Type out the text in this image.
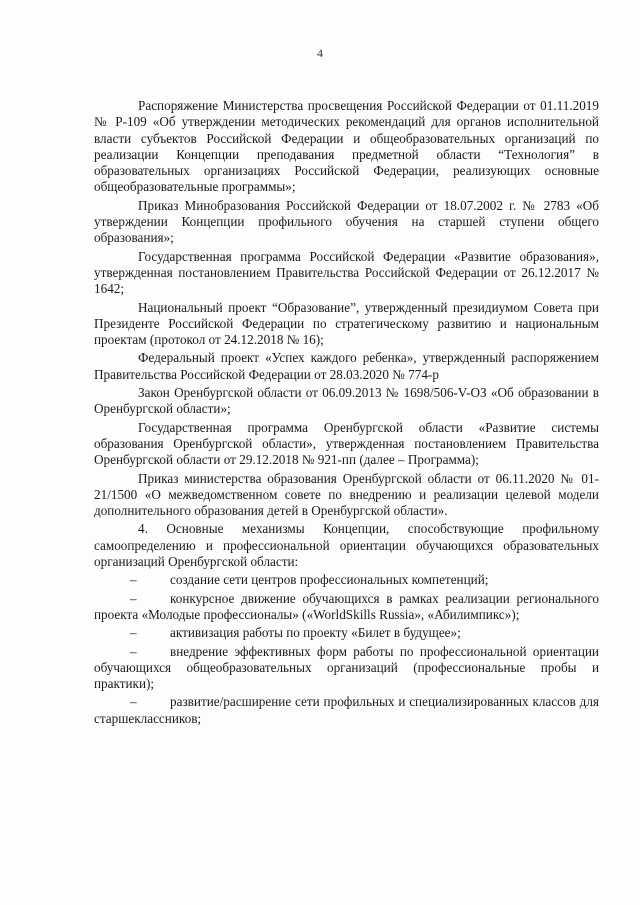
4

Распоряжение Министерства просвещения Российской Федерации от 01.11.2019 № Р-109 «Об утверждении методических рекомендаций для органов исполнительной власти субъектов Российской Федерации и общеобразовательных организаций по реализации Концепции преподавания предметной области “Технология” в образовательных организациях Российской Федерации, реализующих основные общеобразовательные программы»;

Приказ Минобразования Российской Федерации от 18.07.2002 г. № 2783 «Об утверждении Концепции профильного обучения на старшей ступени общего образования»;

Государственная программа Российской Федерации «Развитие образования», утвержденная постановлением Правительства Российской Федерации от 26.12.2017 № 1642;

Национальный проект “Образование”, утвержденный президиумом Совета при Президенте Российской Федерации по стратегическому развитию и национальным проектам (протокол от 24.12.2018 № 16);

Федеральный проект «Успех каждого ребенка», утвержденный распоряжением Правительства Российской Федерации от 28.03.2020 № 774-р

Закон Оренбургской области от 06.09.2013 № 1698/506-V-ОЗ «Об образовании в Оренбургской области»;

Государственная программа Оренбургской области «Развитие системы образования Оренбургской области», утвержденная постановлением Правительства Оренбургской области от 29.12.2018 № 921-пп (далее – Программа);

Приказ министерства образования Оренбургской области от 06.11.2020 № 01-21/1500 «О межведомственном совете по внедрению и реализации целевой модели дополнительного образования детей в Оренбургской области».

4. Основные механизмы Концепции, способствующие профильному самоопределению и профессиональной ориентации обучающихся образовательных организаций Оренбургской области:

–	создание сети центров профессиональных компетенций;

–	конкурсное движение обучающихся в рамках реализации регионального проекта «Молодые профессионалы» («WorldSkills Russia», «Абилимпикс»);

–	активизация работы по проекту «Билет в будущее»;

–	внедрение эффективных форм работы по профессиональной ориентации обучающихся общеобразовательных организаций (профессиональные пробы и практики);

–	развитие/расширение сети профильных и специализированных классов для старшеклассников;
